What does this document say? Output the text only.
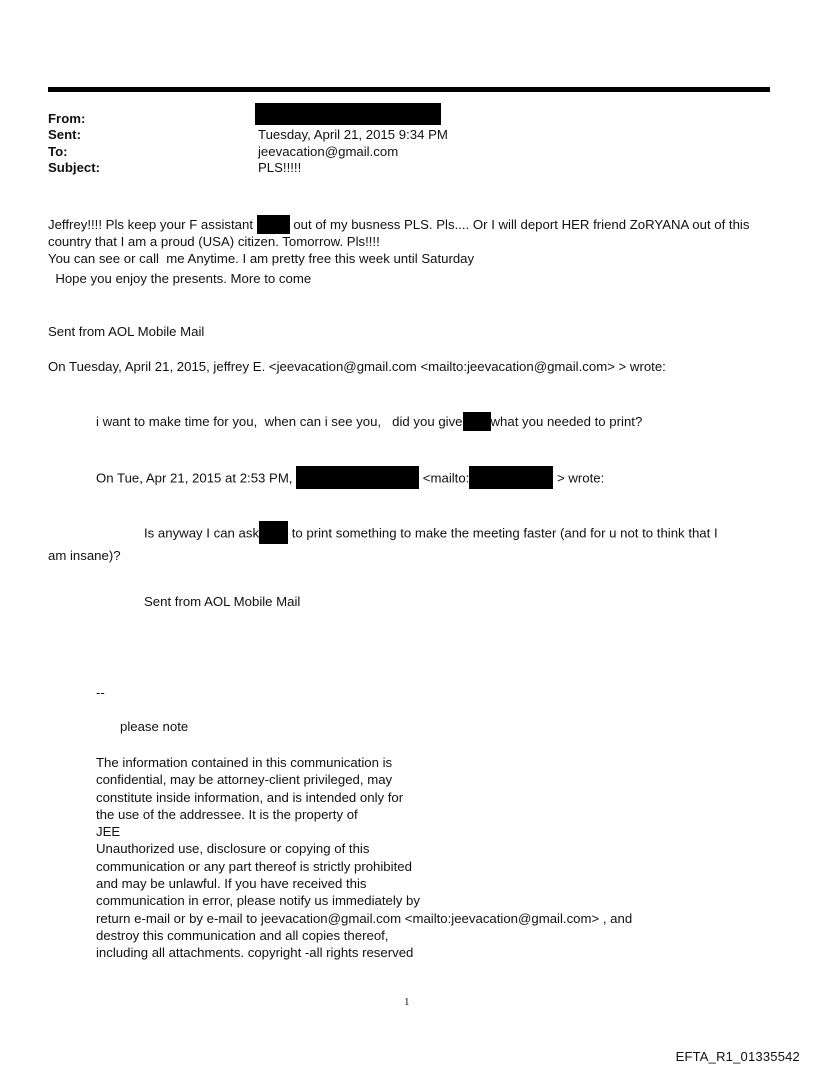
From:
Sent:	Tuesday, April 21, 2015 9:34 PM
To:	jeevacation@gmail.com
Subject:	PLS!!!!!
Jeffrey!!!! Pls keep your F assistant	out of my busness PLS. Pls.... Or I will deport HER friend ZoRYANA out of this
country that I am a proud (USA) citizen. Tomorrow. Pls!!!!
You can see or call  me Anytime. I am pretty free this week until Saturday
Hope you enjoy the presents. More to come
Sent from AOL Mobile Mail
On Tuesday, April 21, 2015, jeffrey E. <jeevacation@gmail.com <mailto:jeevacation@gmail.com> > wrote:
i want to make time for you,  when can i see you,   did you give what you needed to print?
On Tue, Apr 21, 2015 at 2:53 PM,	<mailto:	> wrote:
Is anyway I can ask to print something to make the meeting faster (and for u not to think that I
am insane)?
Sent from AOL Mobile Mail
--
please note
The information contained in this communication is
confidential, may be attorney-client privileged, may
constitute inside information, and is intended only for
the use of the addressee. It is the property of
JEE
Unauthorized use, disclosure or copying of this
communication or any part thereof is strictly prohibited
and may be unlawful. If you have received this
communication in error, please notify us immediately by
return e-mail or by e-mail to jeevacation@gmail.com <mailto:jeevacation@gmail.com> , and
destroy this communication and all copies thereof,
including all attachments. copyright -all rights reserved
1
EFTA_R1_01335542
